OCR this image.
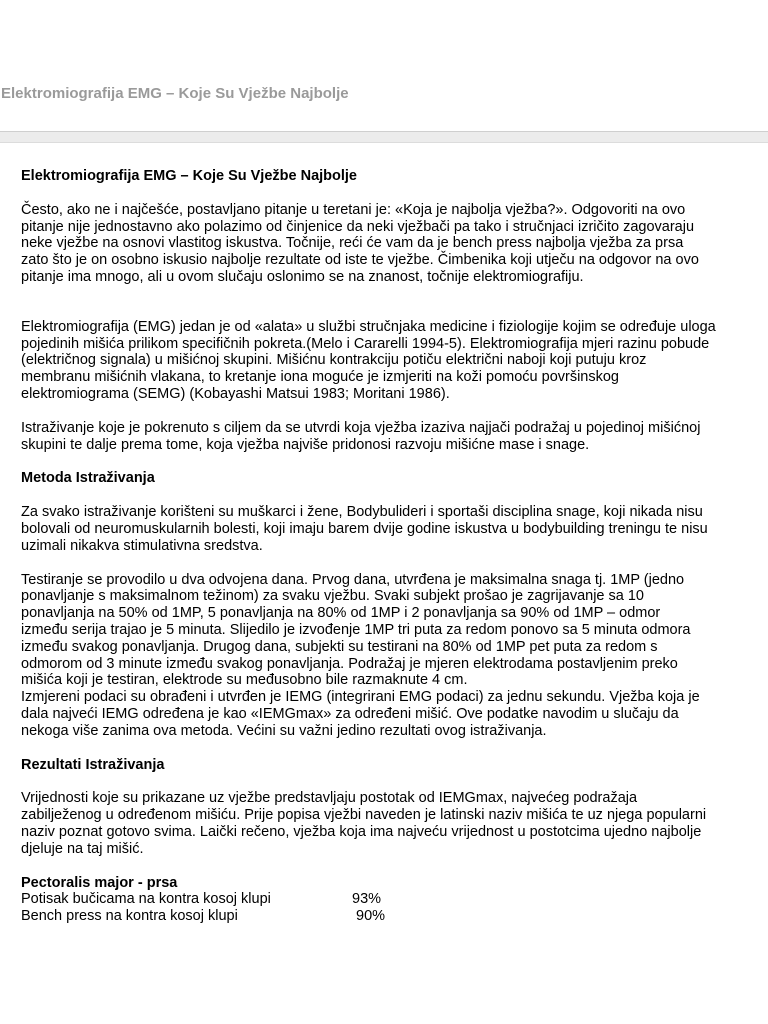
Elektromiografija EMG – Koje Su Vježbe Najbolje

Elektromiografija EMG – Koje Su Vježbe Najbolje

Često, ako ne i najčešće, postavljano pitanje u teretani je: «Koja je najbolja vježba?». Odgovoriti na ovo
pitanje nije jednostavno ako polazimo od činjenice da neki vježbači pa tako i stručnjaci izričito zagovaraju
neke vježbe na osnovi vlastitog iskustva. Točnije, reći će vam da je bench press najbolja vježba za prsa
zato što je on osobno iskusio najbolje rezultate od iste te vježbe. Čimbenika koji utječu na odgovor na ovo
pitanje ima mnogo, ali u ovom slučaju oslonimo se na znanost, točnije elektromiografiju.

Elektromiografija (EMG) jedan je od «alata» u službi stručnjaka medicine i fiziologije kojim se određuje uloga
pojedinih mišića prilikom specifičnih pokreta.(Melo i Cararelli 1994-5). Elektromiografija mjeri razinu pobude
(električnog signala) u mišićnoj skupini. Mišićnu kontrakciju potiču električni naboji koji putuju kroz
membranu mišićnih vlakana, to kretanje iona moguće je izmjeriti na koži pomoću površinskog
elektromiograma (SEMG) (Kobayashi Matsui 1983; Moritani 1986).

Istraživanje koje je pokrenuto s ciljem da se utvrdi koja vježba izaziva najjači podražaj u pojedinoj mišićnoj
skupini te dalje prema tome, koja vježba najviše pridonosi razvoju mišićne mase i snage.

Metoda Istraživanja

Za svako istraživanje korišteni su muškarci i žene, Bodybulideri i sportaši disciplina snage, koji nikada nisu
bolovali od neuromuskularnih bolesti, koji imaju barem dvije godine iskustva u bodybuilding treningu te nisu
uzimali nikakva stimulativna sredstva.

Testiranje se provodilo u dva odvojena dana. Prvog dana, utvrđena je maksimalna snaga tj. 1MP (jedno
ponavljanje s maksimalnom težinom) za svaku vježbu. Svaki subjekt prošao je zagrijavanje sa 10
ponavljanja na 50% od 1MP, 5 ponavljanja na 80% od 1MP i 2 ponavljanja sa 90% od 1MP – odmor
između serija trajao je 5 minuta. Slijedilo je izvođenje 1MP tri puta za redom ponovo sa 5 minuta odmora
između svakog ponavljanja. Drugog dana, subjekti su testirani na 80% od 1MP pet puta za redom s
odmorom od 3 minute između svakog ponavljanja. Podražaj je mjeren elektrodama postavljenim preko
mišića koji je testiran, elektrode su međusobno bile razmaknute 4 cm.
Izmjereni podaci su obrađeni i utvrđen je IEMG (integrirani EMG podaci) za jednu sekundu. Vježba koja je
dala najveći IEMG određena je kao «IEMGmax» za određeni mišić. Ove podatke navodim u slučaju da
nekoga više zanima ova metoda. Većini su važni jedino rezultati ovog istraživanja.

Rezultati Istraživanja

Vrijednosti koje su prikazane uz vježbe predstavljaju postotak od IEMGmax, najvećeg podražaja
zabilježenog u određenom mišiću. Prije popisa vježbi naveden je latinski naziv mišića te uz njega popularni
naziv poznat gotovo svima. Laički rečeno, vježba koja ima najveću vrijednost u postotcima ujedno najbolje
djeluje na taj mišić.

Pectoralis major - prsa

Potisak bučicama na kontra kosoj klupi	93%
Bench press na kontra kosoj klupi	90%
